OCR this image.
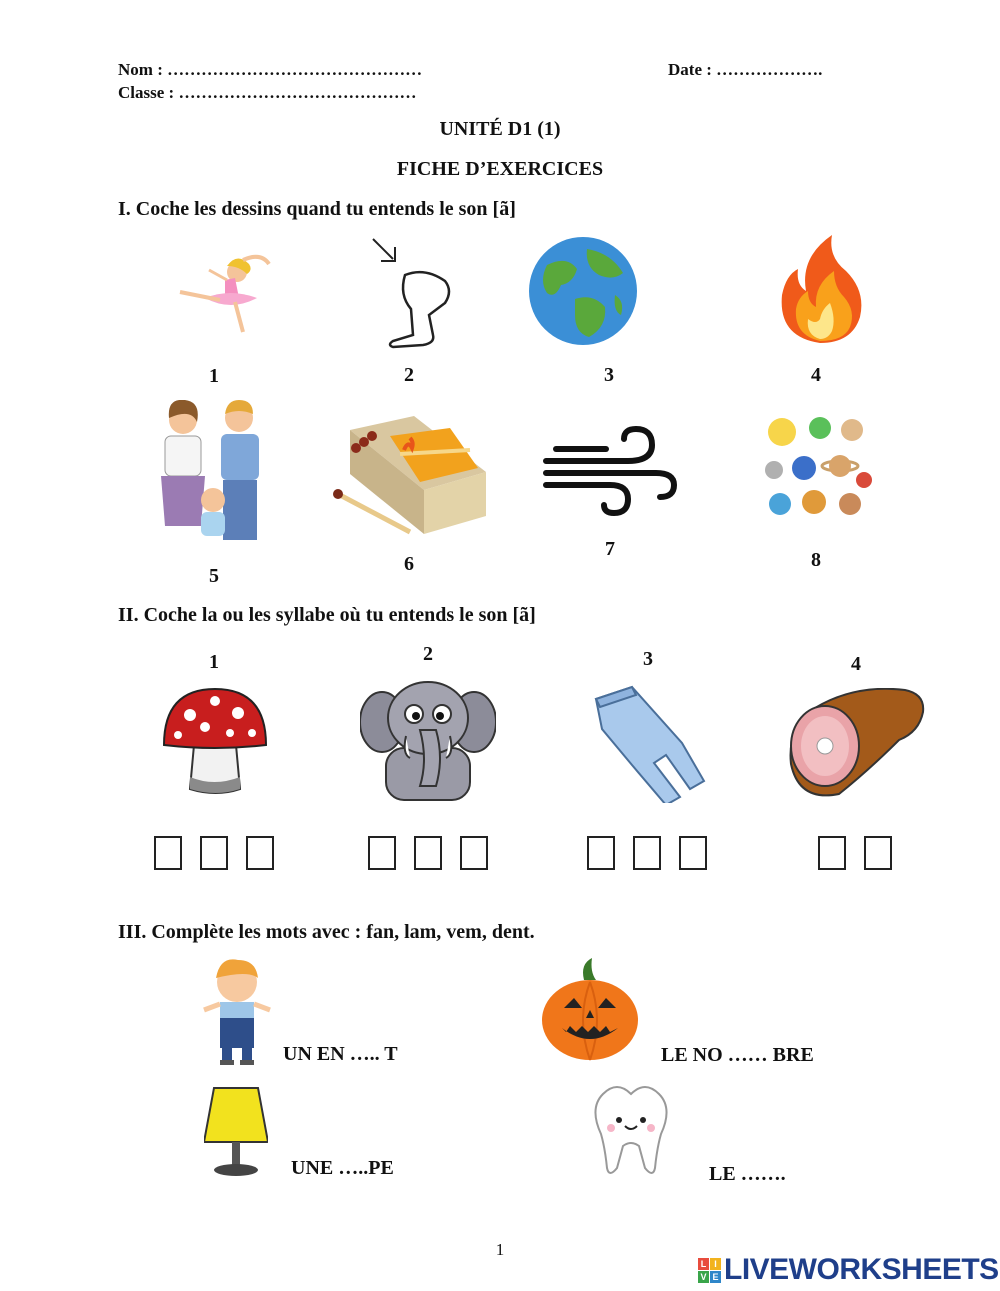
Nom : ………………………………………
Classe : ……………………………………
Date : ……………….
UNITÉ D1 (1)
FICHE D’EXERCICES
I. Coche les dessins quand tu entends le son [ã]
1	2	3	4
5
6
7	8
II. Coche la ou les syllabe où tu entends le son [ã]
1	2	3	4
III. Complète les mots avec : fan, lam, vem, dent.
UN EN ….. T	LE NO …… BRE
UNE …..PE	LE …….
1
L I
V E LIVEWORKSHEETS
